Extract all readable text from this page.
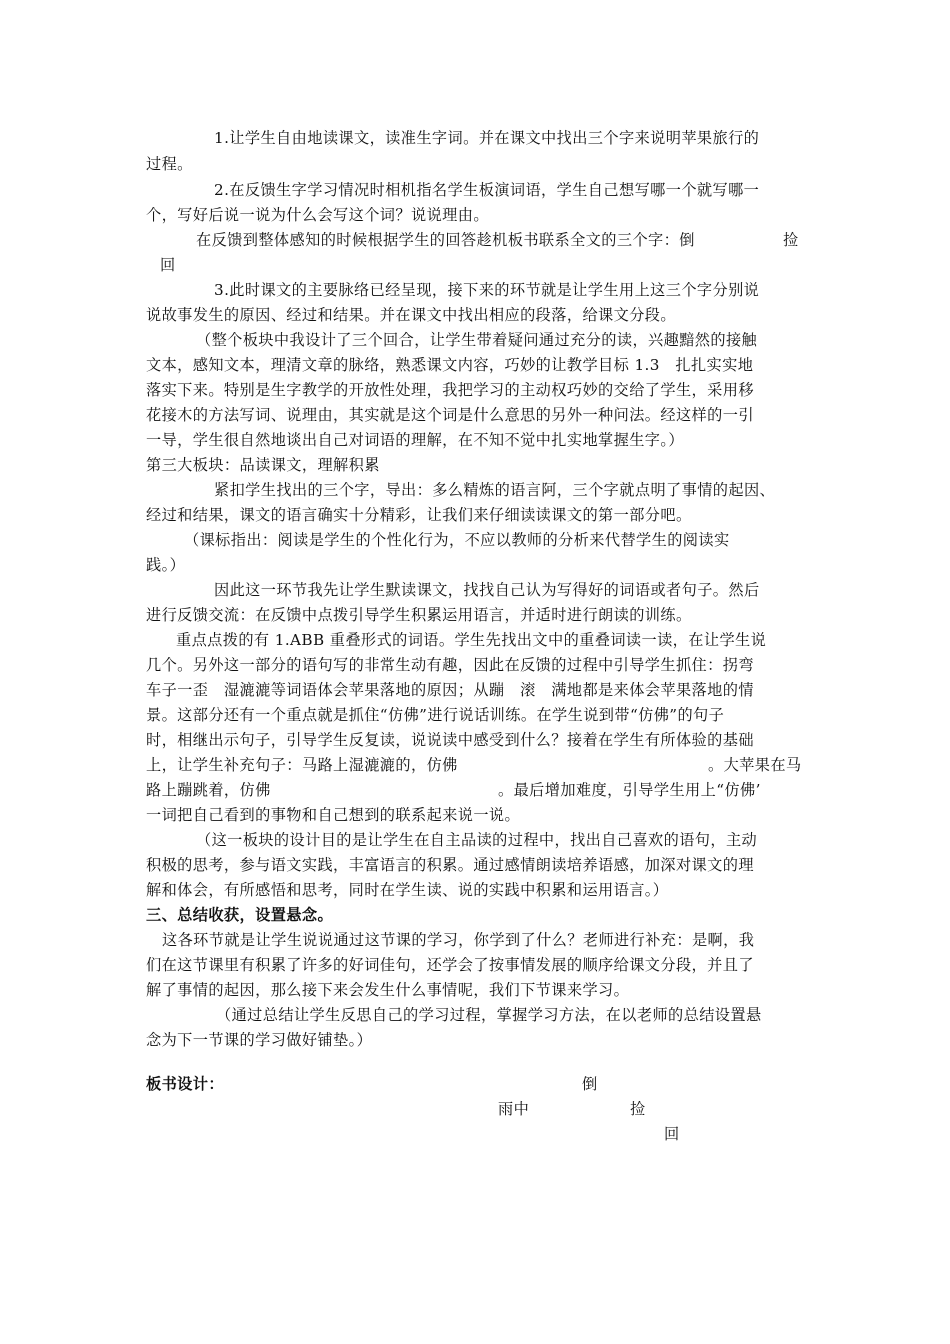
1.让学生自由地读课文，读准生字词。并在课文中找出三个字来说明苹果旅行的
过程。
2.在反馈生字学习情况时相机指名学生板演词语，学生自己想写哪一个就写哪一
个，写好后说一说为什么会写这个词？说说理由。
在反馈到整体感知的时候根据学生的回答趁机板书联系全文的三个字：倒	捡
回
3.此时课文的主要脉络已经呈现，接下来的环节就是让学生用上这三个字分别说
说故事发生的原因、经过和结果。并在课文中找出相应的段落，给课文分段。
（整个板块中我设计了三个回合，让学生带着疑问通过充分的读，兴趣黯然的接触
文本，感知文本，理清文章的脉络，熟悉课文内容，巧妙的让教学目标 1.3　扎扎实实地
落实下来。特别是生字教学的开放性处理，我把学习的主动权巧妙的交给了学生，采用移
花接木的方法写词、说理由，其实就是这个词是什么意思的另外一种问法。经这样的一引
一导，学生很自然地谈出自己对词语的理解，在不知不觉中扎实地掌握生字。）
第三大板块：品读课文，理解积累
紧扣学生找出的三个字，导出：多么精炼的语言阿，三个字就点明了事情的起因、
经过和结果，课文的语言确实十分精彩，让我们来仔细读读课文的第一部分吧。
（课标指出：阅读是学生的个性化行为，不应以教师的分析来代替学生的阅读实
践。）
因此这一环节我先让学生默读课文，找找自己认为写得好的词语或者句子。然后
进行反馈交流：在反馈中点拨引导学生积累运用语言，并适时进行朗读的训练。
重点点拨的有 1.ABB 重叠形式的词语。学生先找出文中的重叠词读一读，在让学生说
几个。另外这一部分的语句写的非常生动有趣，因此在反馈的过程中引导学生抓住：拐弯
车子一歪　湿漉漉等词语体会苹果落地的原因；从蹦　滚　满地都是来体会苹果落地的情
景。这部分还有一个重点就是抓住“仿佛”进行说话训练。在学生说到带“仿佛”的句子
时，相继出示句子，引导学生反复读，说说读中感受到什么？接着在学生有所体验的基础
上，让学生补充句子：马路上湿漉漉的，仿佛	。大苹果在马
路上蹦跳着，仿佛	。最后增加难度，引导学生用上“仿佛’
一词把自己看到的事物和自己想到的联系起来说一说。
（这一板块的设计目的是让学生在自主品读的过程中，找出自己喜欢的语句，主动
积极的思考，参与语文实践，丰富语言的积累。通过感情朗读培养语感，加深对课文的理
解和体会，有所感悟和思考，同时在学生读、说的实践中积累和运用语言。）
三、总结收获，设置悬念。
这各环节就是让学生说说通过这节课的学习，你学到了什么？老师进行补充：是啊，我
们在这节课里有积累了许多的好词佳句，还学会了按事情发展的顺序给课文分段，并且了
解了事情的起因，那么接下来会发生什么事情呢，我们下节课来学习。
（通过总结让学生反思自己的学习过程，掌握学习方法，在以老师的总结设置悬
念为下一节课的学习做好铺垫。）
板书设计：	倒
雨中	捡
回
